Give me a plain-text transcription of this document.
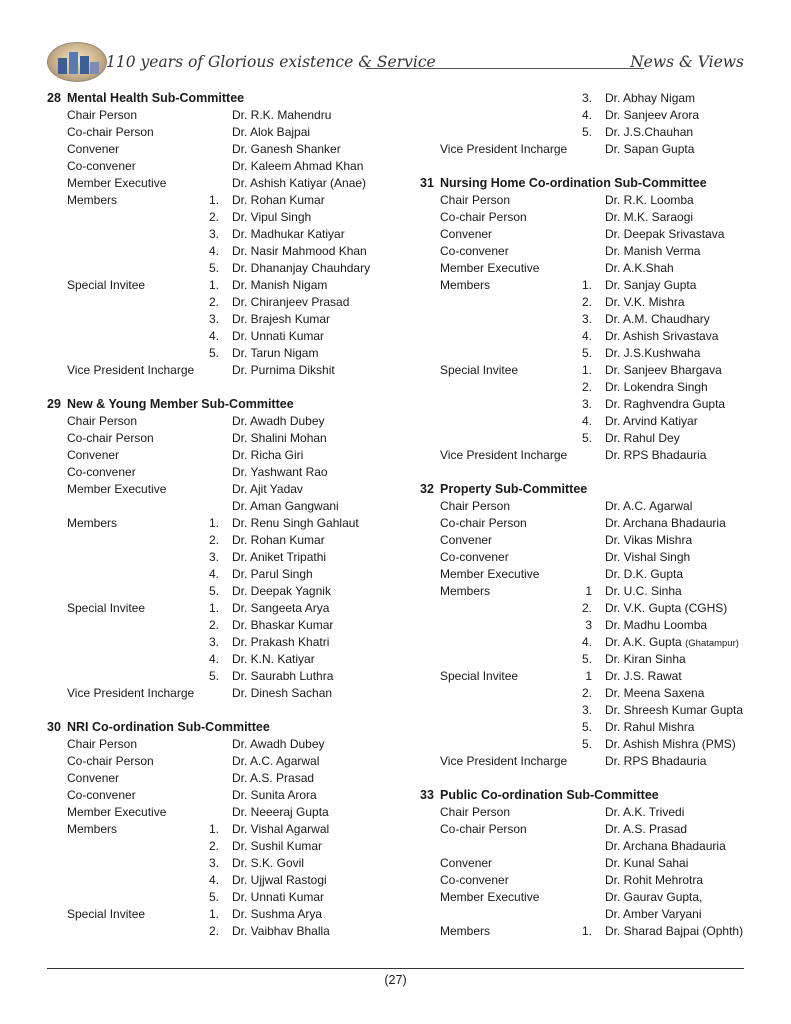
110 years of Glorious existence & Service	News & Views
28 Mental Health Sub-Committee
Chair Person	Dr. R.K. Mahendru
Co-chair Person	Dr. Alok Bajpai
Convener	Dr. Ganesh Shanker
Co-convener	Dr. Kaleem Ahmad Khan
Member Executive	Dr. Ashish Katiyar (Anae)
Members	1. Dr. Rohan Kumar
2. Dr. Vipul Singh
3. Dr. Madhukar Katiyar
4. Dr. Nasir Mahmood Khan
5. Dr. Dhananjay Chauhdary
Special Invitee	1. Dr. Manish Nigam
2. Dr. Chiranjeev Prasad
3. Dr. Brajesh Kumar
4. Dr. Unnati Kumar
5. Dr. Tarun Nigam
Vice President Incharge	Dr. Purnima Dikshit
29 New & Young Member Sub-Committee
Chair Person	Dr. Awadh Dubey
Co-chair Person	Dr. Shalini Mohan
Convener	Dr. Richa Giri
Co-convener	Dr. Yashwant Rao
Member Executive	Dr. Ajit Yadav
Dr. Aman Gangwani
Members	1. Dr. Renu Singh Gahlaut
2. Dr. Rohan Kumar
3. Dr. Aniket Tripathi
4. Dr. Parul Singh
5. Dr. Deepak Yagnik
Special Invitee	1. Dr. Sangeeta Arya
2. Dr. Bhaskar Kumar
3. Dr. Prakash Khatri
4. Dr. K.N. Katiyar
5. Dr. Saurabh Luthra
Vice President Incharge	Dr. Dinesh Sachan
30 NRI Co-ordination Sub-Committee
Chair Person	Dr. Awadh Dubey
Co-chair Person	Dr. A.C. Agarwal
Convener	Dr. A.S. Prasad
Co-convener	Dr. Sunita Arora
Member Executive	Dr. Neeeraj Gupta
Members	1. Dr. Vishal Agarwal
2. Dr. Sushil Kumar
3. Dr. S.K. Govil
4. Dr. Ujjwal Rastogi
5. Dr. Unnati Kumar
Special Invitee	1. Dr. Sushma Arya
2. Dr. Vaibhav Bhalla
3. Dr. Abhay Nigam
4. Dr. Sanjeev Arora
5. Dr. J.S.Chauhan
Vice President Incharge	Dr. Sapan Gupta
31 Nursing Home Co-ordination Sub-Committee
Chair Person	Dr. R.K. Loomba
Co-chair Person	Dr. M.K. Saraogi
Convener	Dr. Deepak Srivastava
Co-convener	Dr. Manish Verma
Member Executive	Dr. A.K.Shah
Members	1. Dr. Sanjay Gupta
2. Dr. V.K. Mishra
3. Dr. A.M. Chaudhary
4. Dr. Ashish Srivastava
5. Dr. J.S.Kushwaha
Special Invitee	1. Dr. Sanjeev Bhargava
2. Dr. Lokendra Singh
3. Dr. Raghvendra Gupta
4. Dr. Arvind Katiyar
5. Dr. Rahul Dey
Vice President Incharge	Dr. RPS Bhadauria
32 Property Sub-Committee
Chair Person	Dr. A.C. Agarwal
Co-chair Person	Dr. Archana Bhadauria
Convener	Dr. Vikas Mishra
Co-convener	Dr. Vishal Singh
Member Executive	Dr. D.K. Gupta
Members	1 Dr. U.C. Sinha
2. Dr. V.K. Gupta (CGHS)
3 Dr. Madhu Loomba
4. Dr. A.K. Gupta (Ghatampur)
5. Dr. Kiran Sinha
Special Invitee	1 Dr. J.S. Rawat
2. Dr. Meena Saxena
3. Dr. Shreesh Kumar Gupta
5. Dr. Rahul Mishra
5. Dr. Ashish Mishra (PMS)
Vice President Incharge	Dr. RPS Bhadauria
33 Public Co-ordination Sub-Committee
Chair Person	Dr. A.K. Trivedi
Co-chair Person	Dr. A.S. Prasad
Dr. Archana Bhadauria
Convener	Dr. Kunal Sahai
Co-convener	Dr. Rohit Mehrotra
Member Executive	Dr. Gaurav Gupta,
Dr. Amber Varyani
Members	1. Dr. Sharad Bajpai (Ophth)
(27)
